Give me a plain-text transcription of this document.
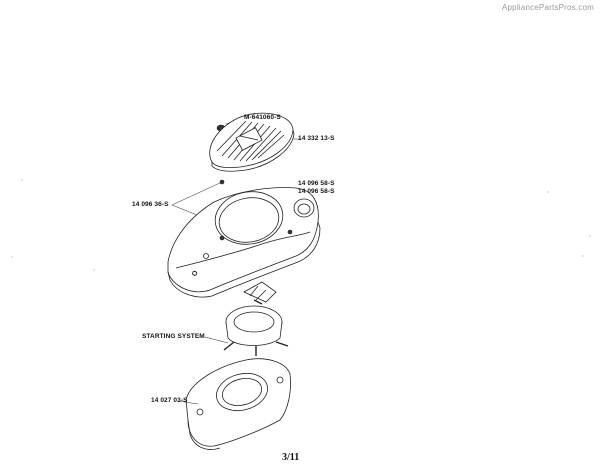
AppliancePartsPros.com
O
M-641060-S
14 332 13-S
14 096 36-S
14 096 58-S
14 096 58-S
STARTING SYSTEM
14 027 03-S
3/11
